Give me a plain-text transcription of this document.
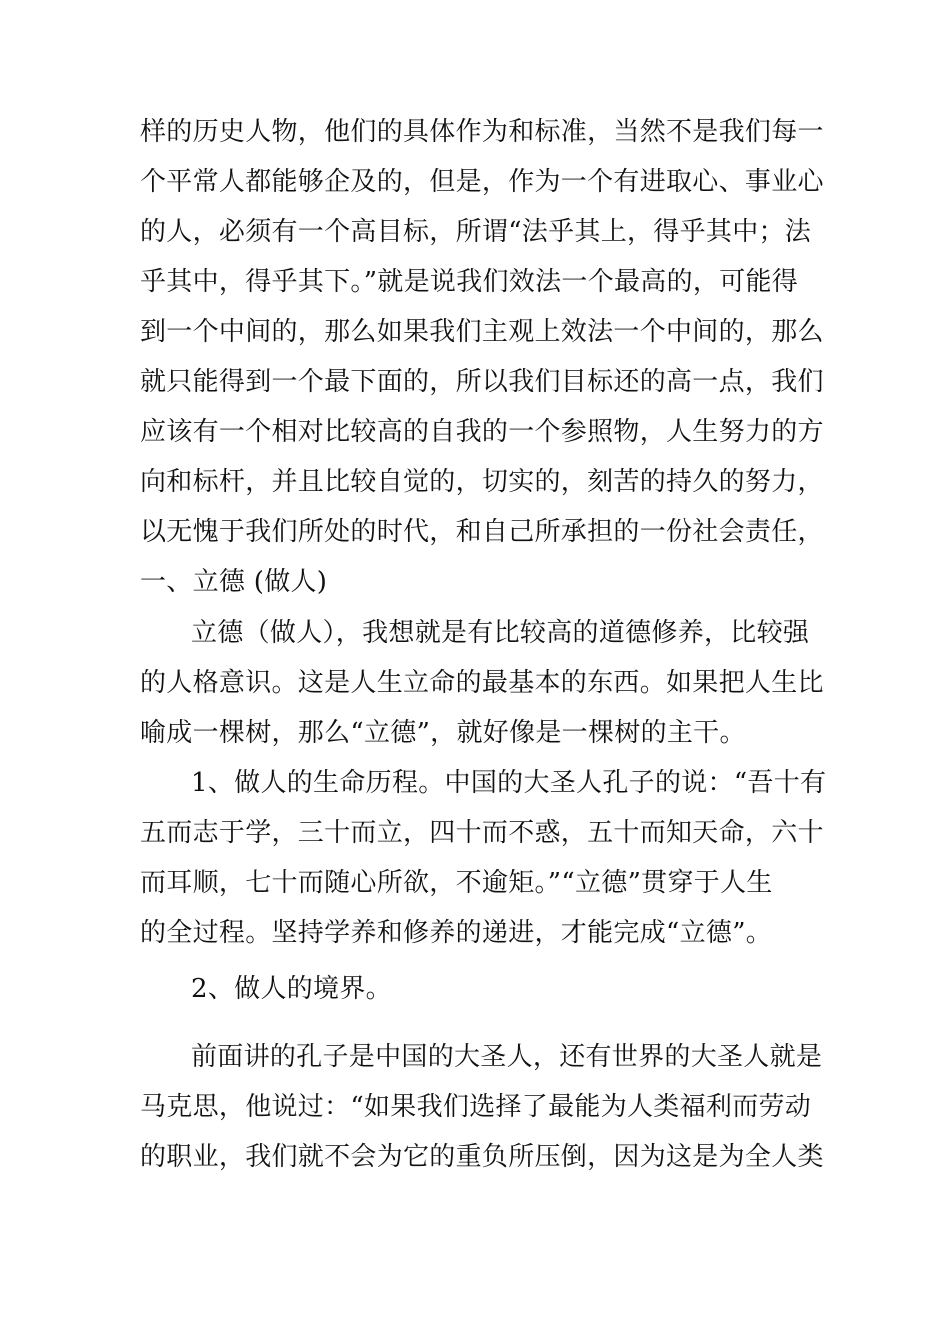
样的历史人物，他们的具体作为和标准，当然不是我们每一
个平常人都能够企及的，但是，作为一个有进取心、事业心
的人，必须有一个高目标，所谓“法乎其上，得乎其中；法
乎其中，得乎其下。”就是说我们效法一个最高的，可能得
到一个中间的，那么如果我们主观上效法一个中间的，那么
就只能得到一个最下面的，所以我们目标还的高一点，我们
应该有一个相对比较高的自我的一个参照物，人生努力的方
向和标杆，并且比较自觉的，切实的，刻苦的持久的努力，
以无愧于我们所处的时代，和自己所承担的一份社会责任，
一、立德 (做人)
立德（做人），我想就是有比较高的道德修养，比较强
的人格意识。这是人生立命的最基本的东西。如果把人生比
喻成一棵树，那么“立德”，就好像是一棵树的主干。
1、做人的生命历程。中国的大圣人孔子的说：“吾十有
五而志于学，三十而立，四十而不惑，五十而知天命，六十
而耳顺，七十而随心所欲，不逾矩。”“立德”贯穿于人生
的全过程。坚持学养和修养的递进，才能完成“立德”。
2、做人的境界。
前面讲的孔子是中国的大圣人，还有世界的大圣人就是
马克思，他说过：“如果我们选择了最能为人类福利而劳动
的职业，我们就不会为它的重负所压倒，因为这是为全人类
